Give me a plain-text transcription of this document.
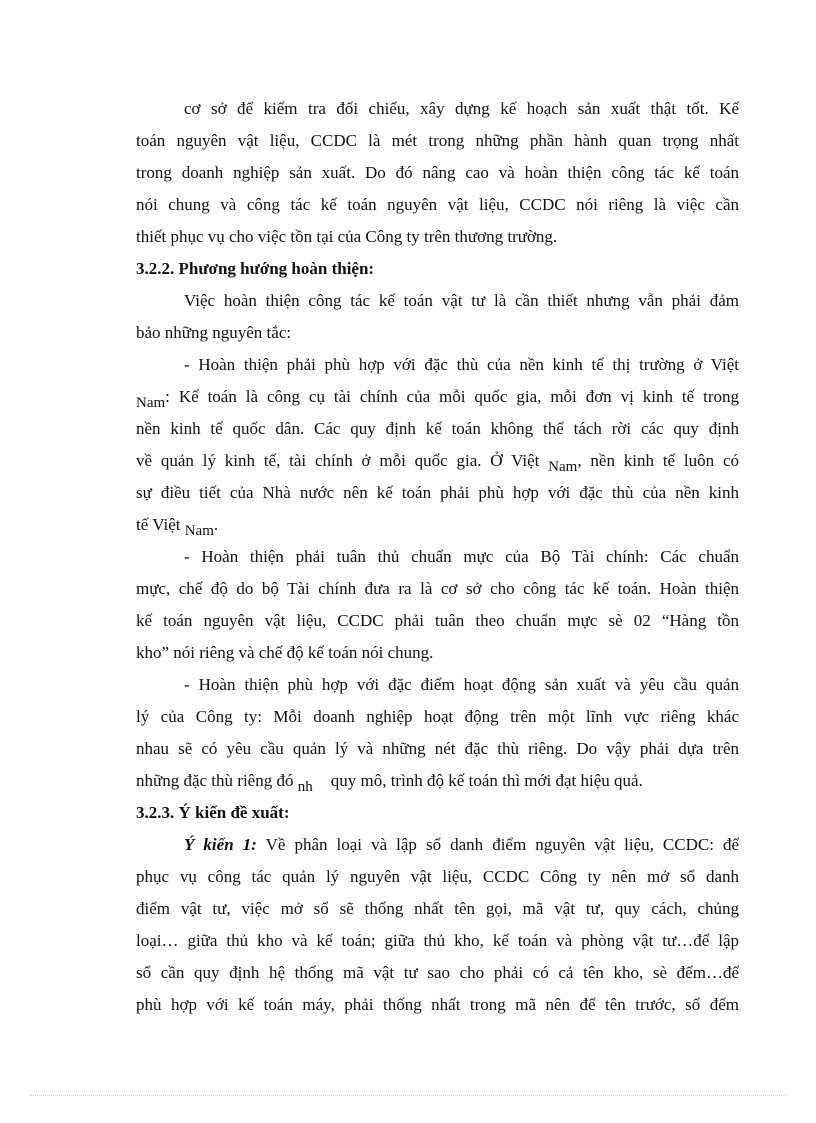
cơ sở để kiểm tra đối chiếu, xây dựng kế hoạch sản xuất thật tốt. Kế
toán nguyên vật liệu, CCDC là mét trong những phần hành quan trọng nhất
trong doanh nghiệp sản xuất. Do đó nâng cao và hoàn thiện công tác kế toán
nói chung và công tác kế toán nguyên vật liệu, CCDC nói riêng là việc cần
thiết phục vụ cho việc tồn tại của Công ty trên thương trường.
3.2.2. Phương hướng hoàn thiện:
Việc hoàn thiện công tác kế toán vật tư là cần thiết nhưng vẫn phải đảm
bảo những nguyên tắc:
- Hoàn thiện phải phù hợp với đặc thù của nền kinh tế thị trường ở Việt
Nam: Kế toán là công cụ tài chính của mỗi quốc gia, mỗi đơn vị kinh tế trong
nền kinh tế quốc dân. Các quy định kế toán không thể tách rời các quy định
về quản lý kinh tế, tài chính ở mỗi quốc gia. Ở Việt Nam, nền kinh tế luôn có
sự điều tiết của Nhà nước nên kế toán phải phù hợp với đặc thù của nền kinh
tế Việt Nam.
- Hoàn thiện phải tuân thủ chuẩn mực của Bộ Tài chính: Các chuẩn
mực, chế độ do bộ Tài chính đưa ra là cơ sở cho công tác kế toán. Hoàn thiện
kế toán nguyên vật liệu, CCDC phải tuân theo chuẩn mực sè 02 “Hàng tồn
kho” nói riêng và chế độ kế toán nói chung.
- Hoàn thiện phù hợp với đặc điểm hoạt động sản xuất và yêu cầu quản
lý của Công ty: Mỗi doanh nghiệp hoạt động trên một lĩnh vực riêng khác
nhau sẽ có yêu cầu quản lý và những nét đặc thù riêng. Do vậy phải dựa trên
những đặc thù riêng đó nh quy mô, trình độ kế toán thì mới đạt hiệu quả.
3.2.3. Ý kiến đề xuất:
Ý kiến 1: Về phân loại và lập sổ danh điểm nguyên vật liệu, CCDC: để
phục vụ công tác quản lý nguyên vật liệu, CCDC Công ty nên mở sổ danh
điểm vật tư, việc mở sổ sẽ thống nhất tên gọi, mã vật tư, quy cách, chủng
loại… giữa thủ kho và kế toán; giữa thủ kho, kế toán và phòng vật tư…để lập
sổ cần quy định hệ thống mã vật tư sao cho phải có cả tên kho, sè đếm…để
phù hợp với kế toán máy, phải thống nhất trong mã nên để tên trước, số đếm
